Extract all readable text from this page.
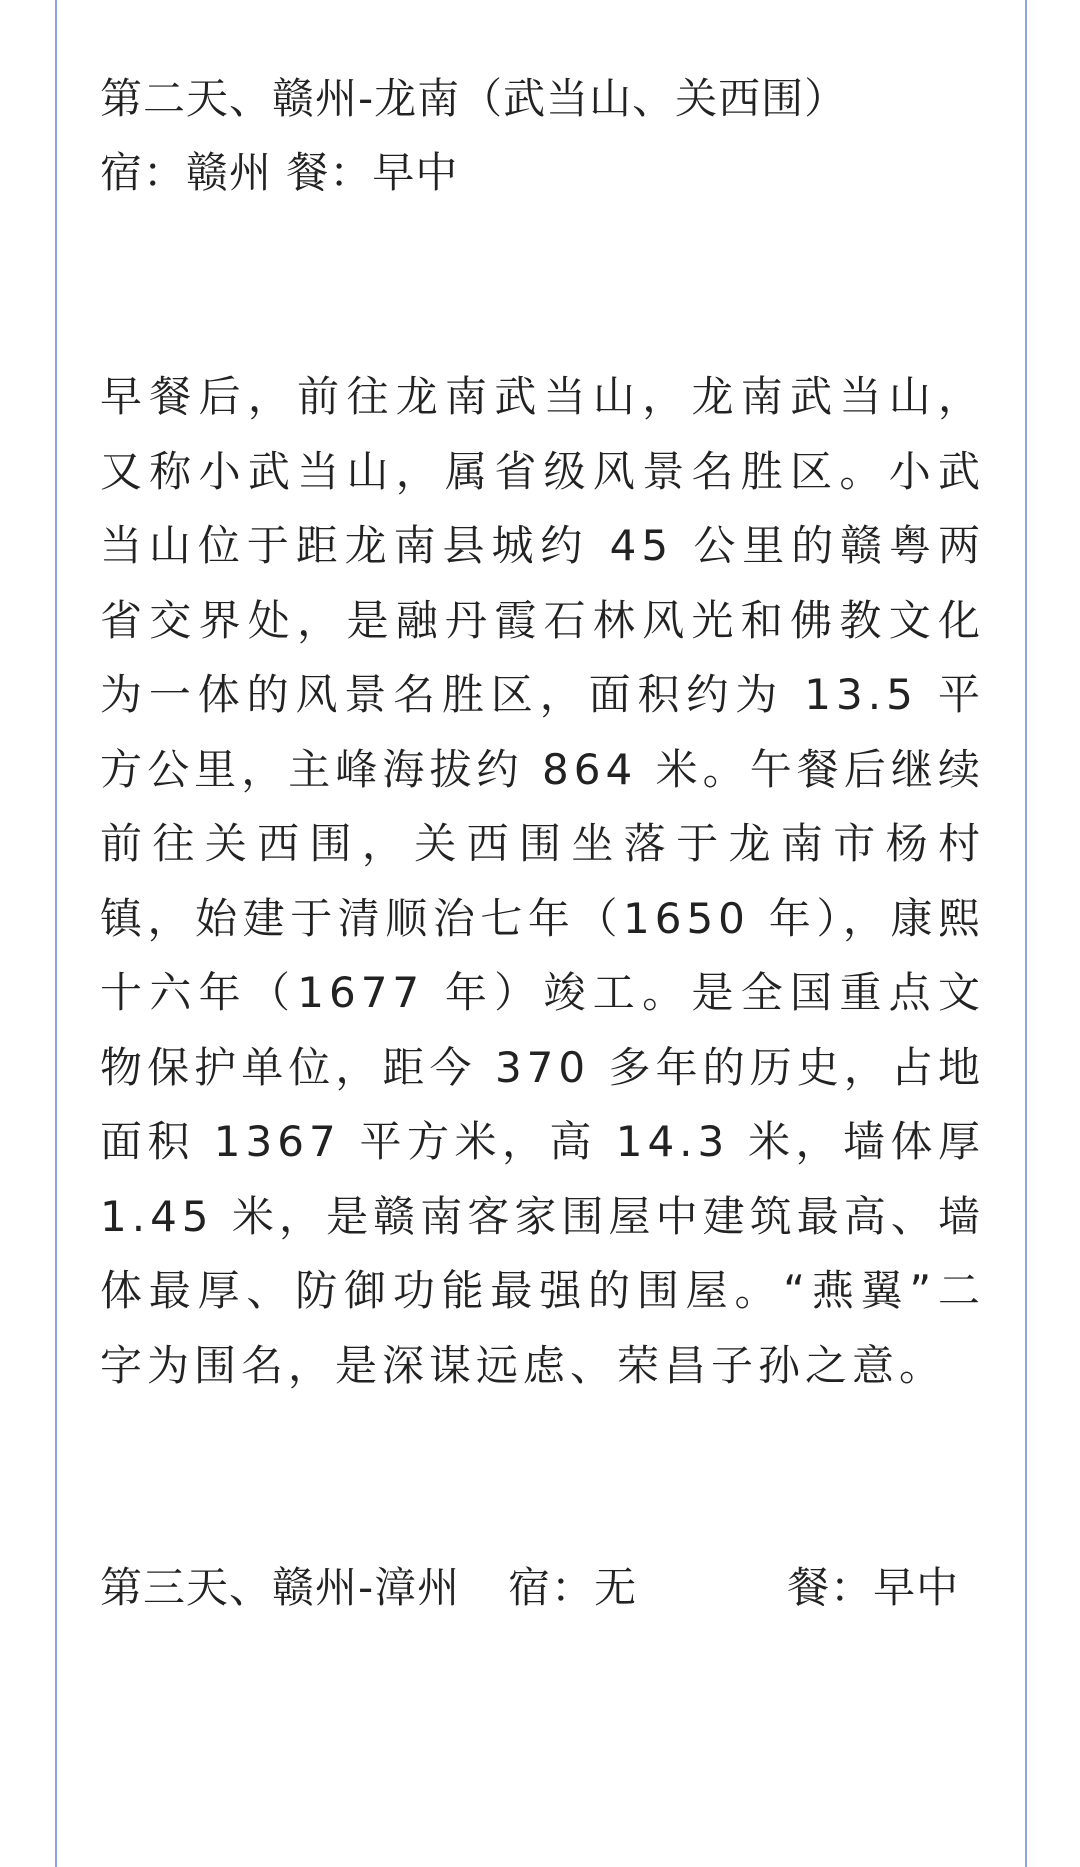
第二天、赣州-龙南（武当山、关西围）
宿：赣州 餐：早中

早餐后，前往龙南武当山，龙南武当山，又称小武当山，属省级风景名胜区。小武当山位于距龙南县城约 45 公里的赣粤两省交界处，是融丹霞石林风光和佛教文化为一体的风景名胜区，面积约为 13.5 平方公里，主峰海拔约 864 米。午餐后继续前往关西围，关西围坐落于龙南市杨村镇，始建于清顺治七年（1650 年），康熙十六年（1677 年）竣工。是全国重点文物保护单位，距今 370 多年的历史，占地面积 1367 平方米，高 14.3 米，墙体厚 1.45 米，是赣南客家围屋中建筑最高、墙体最厚、防御功能最强的围屋。“燕翼”二字为围名，是深谋远虑、荣昌子孙之意。

第三天、赣州-漳州 宿：无	餐：早中
